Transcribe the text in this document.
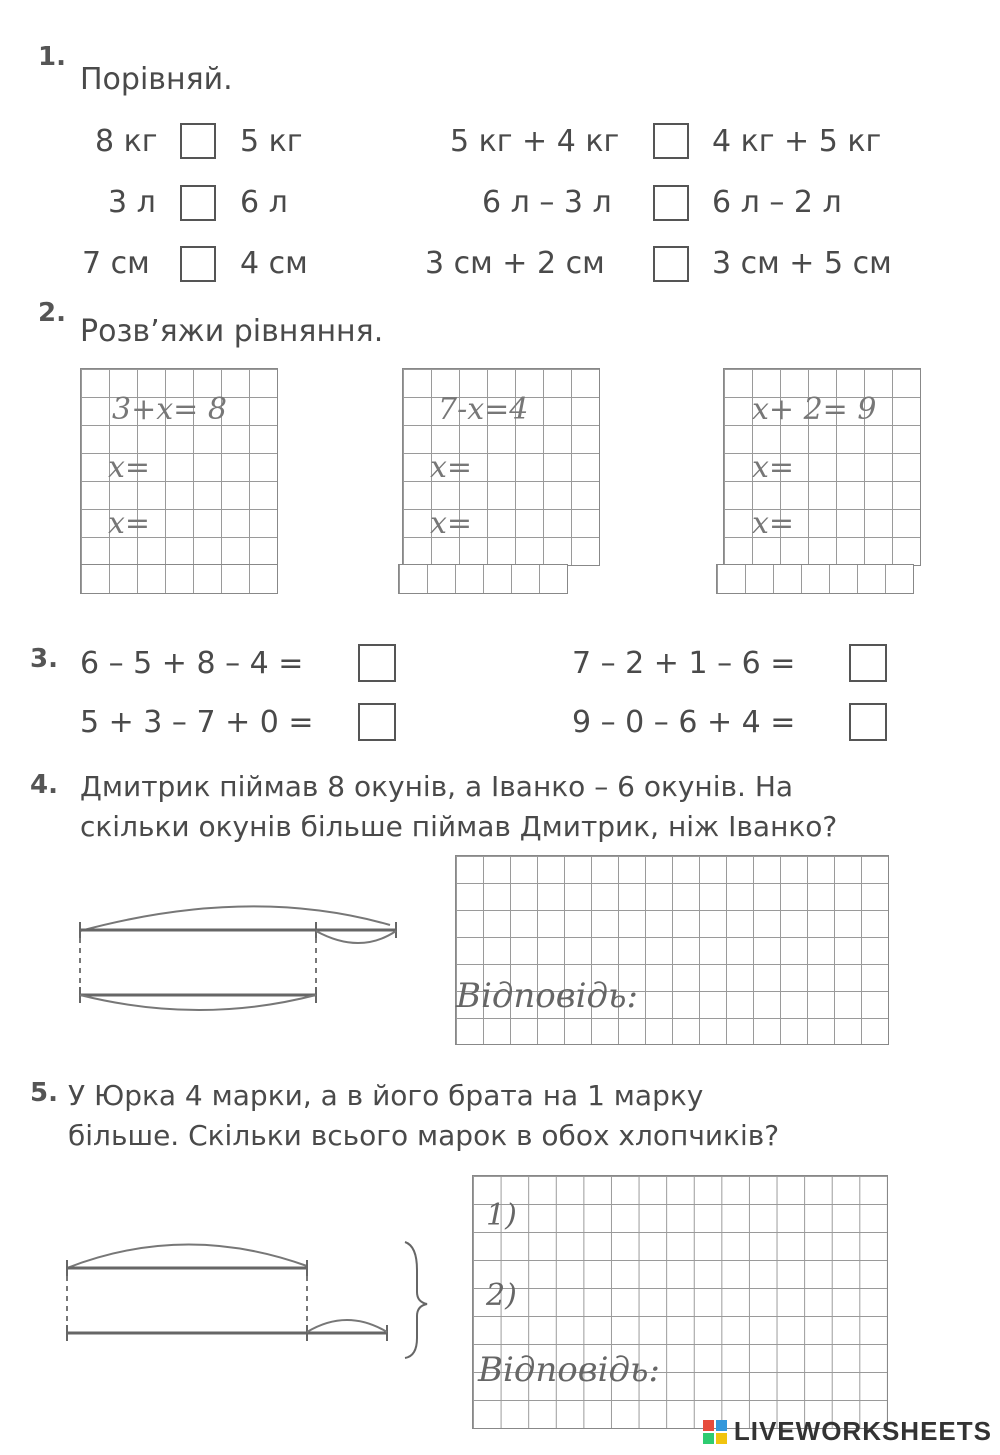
1.
Порівняй.
8 кг	5 кг	5 кг + 4 кг	4 кг + 5 кг
3 л	6 л	6 л – 3 л	6 л – 2 л
7 см	4 см	3 см + 2 см	3 см + 5 см
2.
Розв’яжи рівняння.
3+x= 8
x=
x=
7-x=4
x=
x=
x+ 2= 9
x=
x=
3. 6 – 5 + 8 – 4 =	7 – 2 + 1 – 6 =
5 + 3 – 7 + 0 =	9 – 0 – 6 + 4 =
4. Дмитрик піймав 8 окунів, а Іванко – 6 окунів. На
скільки окунів більше піймав Дмитрик, ніж Іванко?
Відповідь:
5. У Юрка 4 марки, а в його брата на 1 марку
більше. Скільки всього марок в обох хлопчиків?
1)
2)
Відповідь:
LIVEWORKSHEETS
